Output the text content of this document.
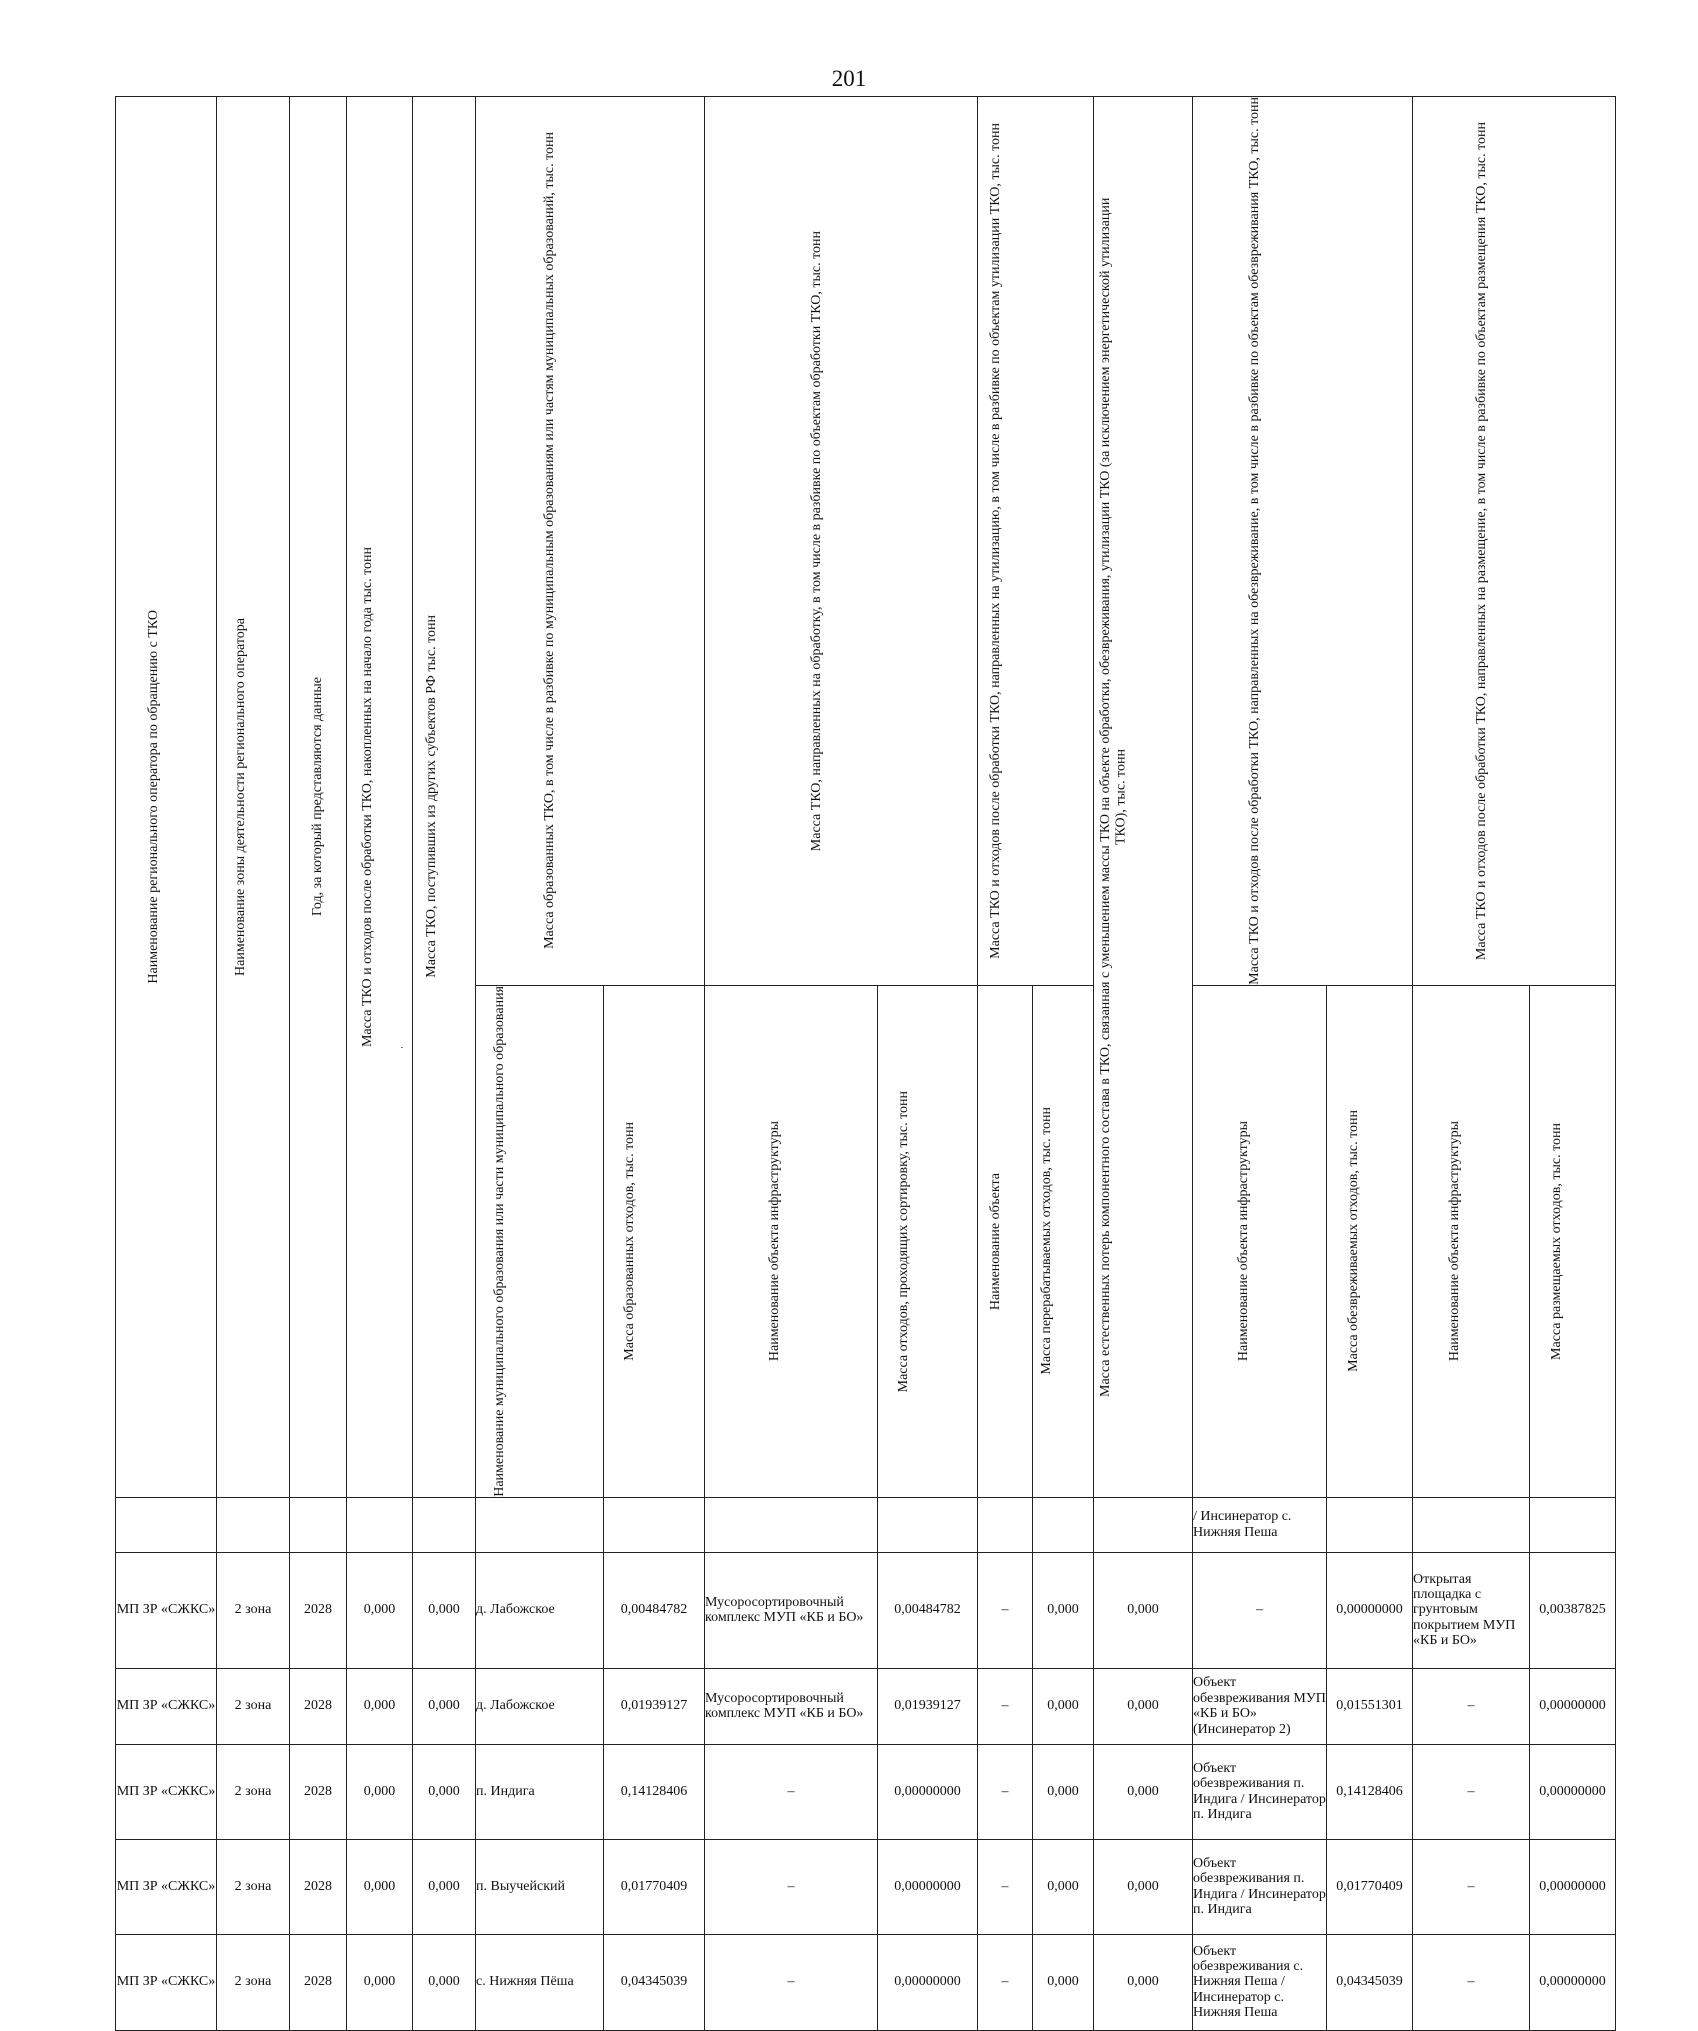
201
Наименование регионального оператора по обращению с ТКО	Наименование зоны деятельности регионального оператора	Год, за который представляются данные	Масса ТКО и отходов после обработки ТКО, накопленных на начало года тыс. тонн	Масса ТКО, поступивших из других субъектов РФ тыс. тонн	Масса образованных ТКО, в том числе в разбивке по муниципальным образованиям или частям муниципальных образований, тыс. тонн		Масса ТКО, направленных на обработку, в том числе в разбивке по объектам обработки ТКО, тыс. тонн		Масса ТКО и отходов после обработки ТКО, направленных на утилизацию, в том числе в разбивке по объектам утилизации ТКО, тыс. тонн		Масса естественных потерь компонентного состава в ТКО, связанная с уменьшением массы ТКО на объекте обработки, обезвреживания, утилизации ТКО (за исключением энергетической утилизации ТКО), тыс. тонн	Масса ТКО и отходов после обработки ТКО, направленных на обезвреживание, в том числе в разбивке по объектам обезвреживания ТКО, тыс. тонн		Масса ТКО и отходов после обработки ТКО, направленных на размещение, в том числе в разбивке по объектам размещения ТКО, тыс. тонн	

					Наименование муниципального образования или части муниципального образования	Масса образованных отходов, тыс. тонн	Наименование объекта инфраструктуры	Масса отходов, проходящих сортировку, тыс. тонн	Наименование объекта	Масса перерабатываемых отходов, тыс. тонн		Наименование объекта инфраструктуры	Масса обезвреживаемых отходов, тыс. тонн	Наименование объекта инфраструктуры	Масса размещаемых отходов, тыс. тонн

												/ Инсинератор с. Нижняя Пеша			
МП ЗР «СЖКС»	2 зона	2028	0,000	0,000	д. Лабожское	0,00484782	Мусоросортировочный комплекс МУП «КБ и БО»	0,00484782	–	0,000	0,000	–	0,00000000	Открытая площадка с грунтовым покрытием МУП «КБ и БО»	0,00387825
МП ЗР «СЖКС»	2 зона	2028	0,000	0,000	д. Лабожское	0,01939127	Мусоросортировочный комплекс МУП «КБ и БО»	0,01939127	–	0,000	0,000	Объект обезвреживания МУП «КБ и БО» (Инсинератор 2)	0,01551301	–	0,00000000
МП ЗР «СЖКС»	2 зона	2028	0,000	0,000	п. Индига	0,14128406	–	0,00000000	–	0,000	0,000	Объект обезвреживания п. Индига / Инсинератор п. Индига	0,14128406	–	0,00000000
МП ЗР «СЖКС»	2 зона	2028	0,000	0,000	п. Выучейский	0,01770409	–	0,00000000	–	0,000	0,000	Объект обезвреживания п. Индига / Инсинератор п. Индига	0,01770409	–	0,00000000
МП ЗР «СЖКС»	2 зона	2028	0,000	0,000	с. Нижняя Пёша	0,04345039	–	0,00000000	–	0,000	0,000	Объект обезвреживания с. Нижняя Пеша / Инсинератор с. Нижняя Пеша	0,04345039	–	0,00000000
